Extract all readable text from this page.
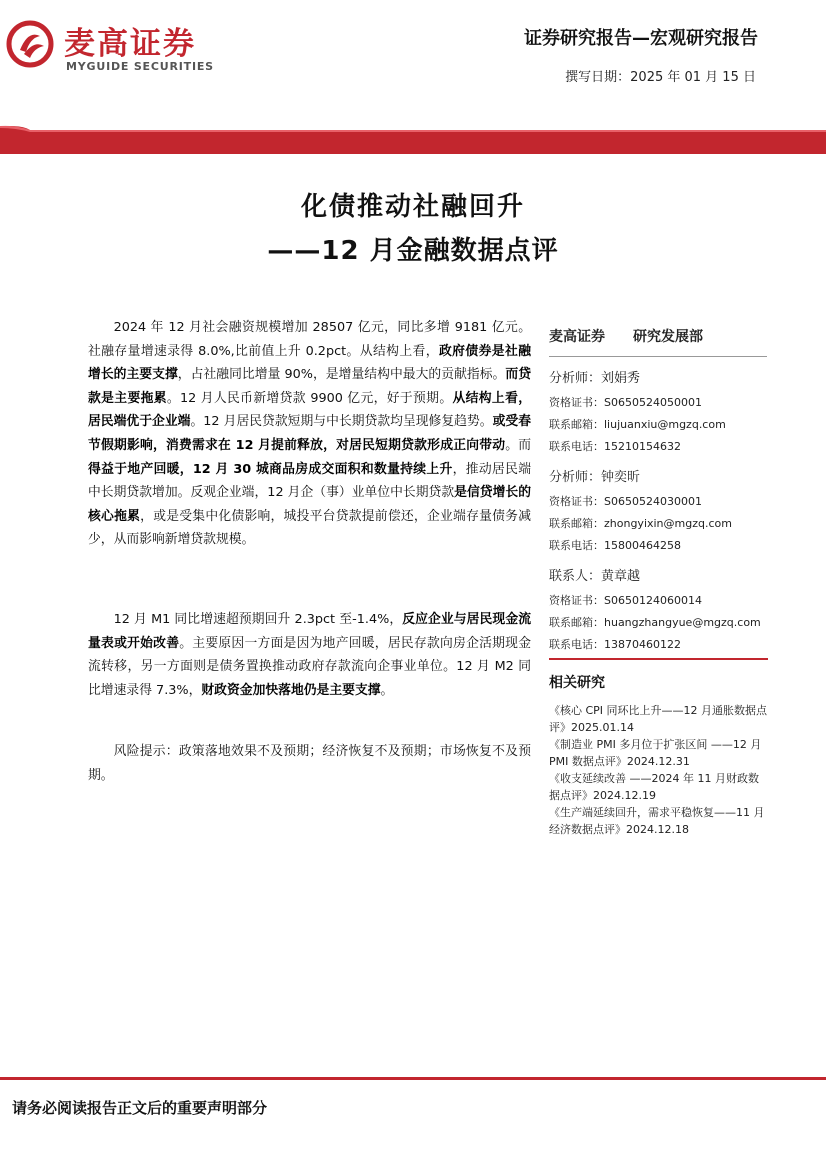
麦高证券
MYGUIDE SECURITIES
证券研究报告—宏观研究报告
撰写日期：2025 年 01 月 15 日
化债推动社融回升
——12 月金融数据点评

2024 年 12 月社会融资规模增加 28507 亿元，同比多增 9181 亿元。社融存量增速录得 8.0%,比前值上升 0.2pct。从结构上看，政府债券是社融增长的主要支撑，占社融同比增量 90%，是增量结构中最大的贡献指标。而贷款是主要拖累。12 月人民币新增贷款 9900 亿元，好于预期。从结构上看，居民端优于企业端。12 月居民贷款短期与中长期贷款均呈现修复趋势。或受春节假期影响，消费需求在 12 月提前释放，对居民短期贷款形成正向带动。而得益于地产回暖，12 月 30 城商品房成交面积和数量持续上升，推动居民端中长期贷款增加。反观企业端，12 月企（事）业单位中长期贷款是信贷增长的核心拖累，或是受集中化债影响，城投平台贷款提前偿还，企业端存量债务减少，从而影响新增贷款规模。

12 月 M1 同比增速超预期回升 2.3pct 至-1.4%，反应企业与居民现金流量表或开始改善。主要原因一方面是因为地产回暖，居民存款向房企活期现金流转移，另一方面则是债务置换推动政府存款流向企事业单位。12 月 M2 同比增速录得 7.3%，财政资金加快落地仍是主要支撑。

风险提示：政策落地效果不及预期；经济恢复不及预期；市场恢复不及预期。

麦高证券 研究发展部
分析师：刘娟秀
资格证书：S0650524050001
联系邮箱：liujuanxiu@mgzq.com
联系电话：15210154632
分析师：钟奕昕
资格证书：S0650524030001
联系邮箱：zhongyixin@mgzq.com
联系电话：15800464258
联系人：黄章越
资格证书：S0650124060014
联系邮箱：huangzhangyue@mgzq.com
联系电话：13870460122
相关研究
《核心 CPI 同环比上升——12 月通胀数据点评》2025.01.14
《制造业 PMI 多月位于扩张区间 ——12 月 PMI 数据点评》2024.12.31
《收支延续改善 ——2024 年 11 月财政数据点评》2024.12.19
《生产端延续回升，需求平稳恢复——11 月经济数据点评》2024.12.18
请务必阅读报告正文后的重要声明部分
